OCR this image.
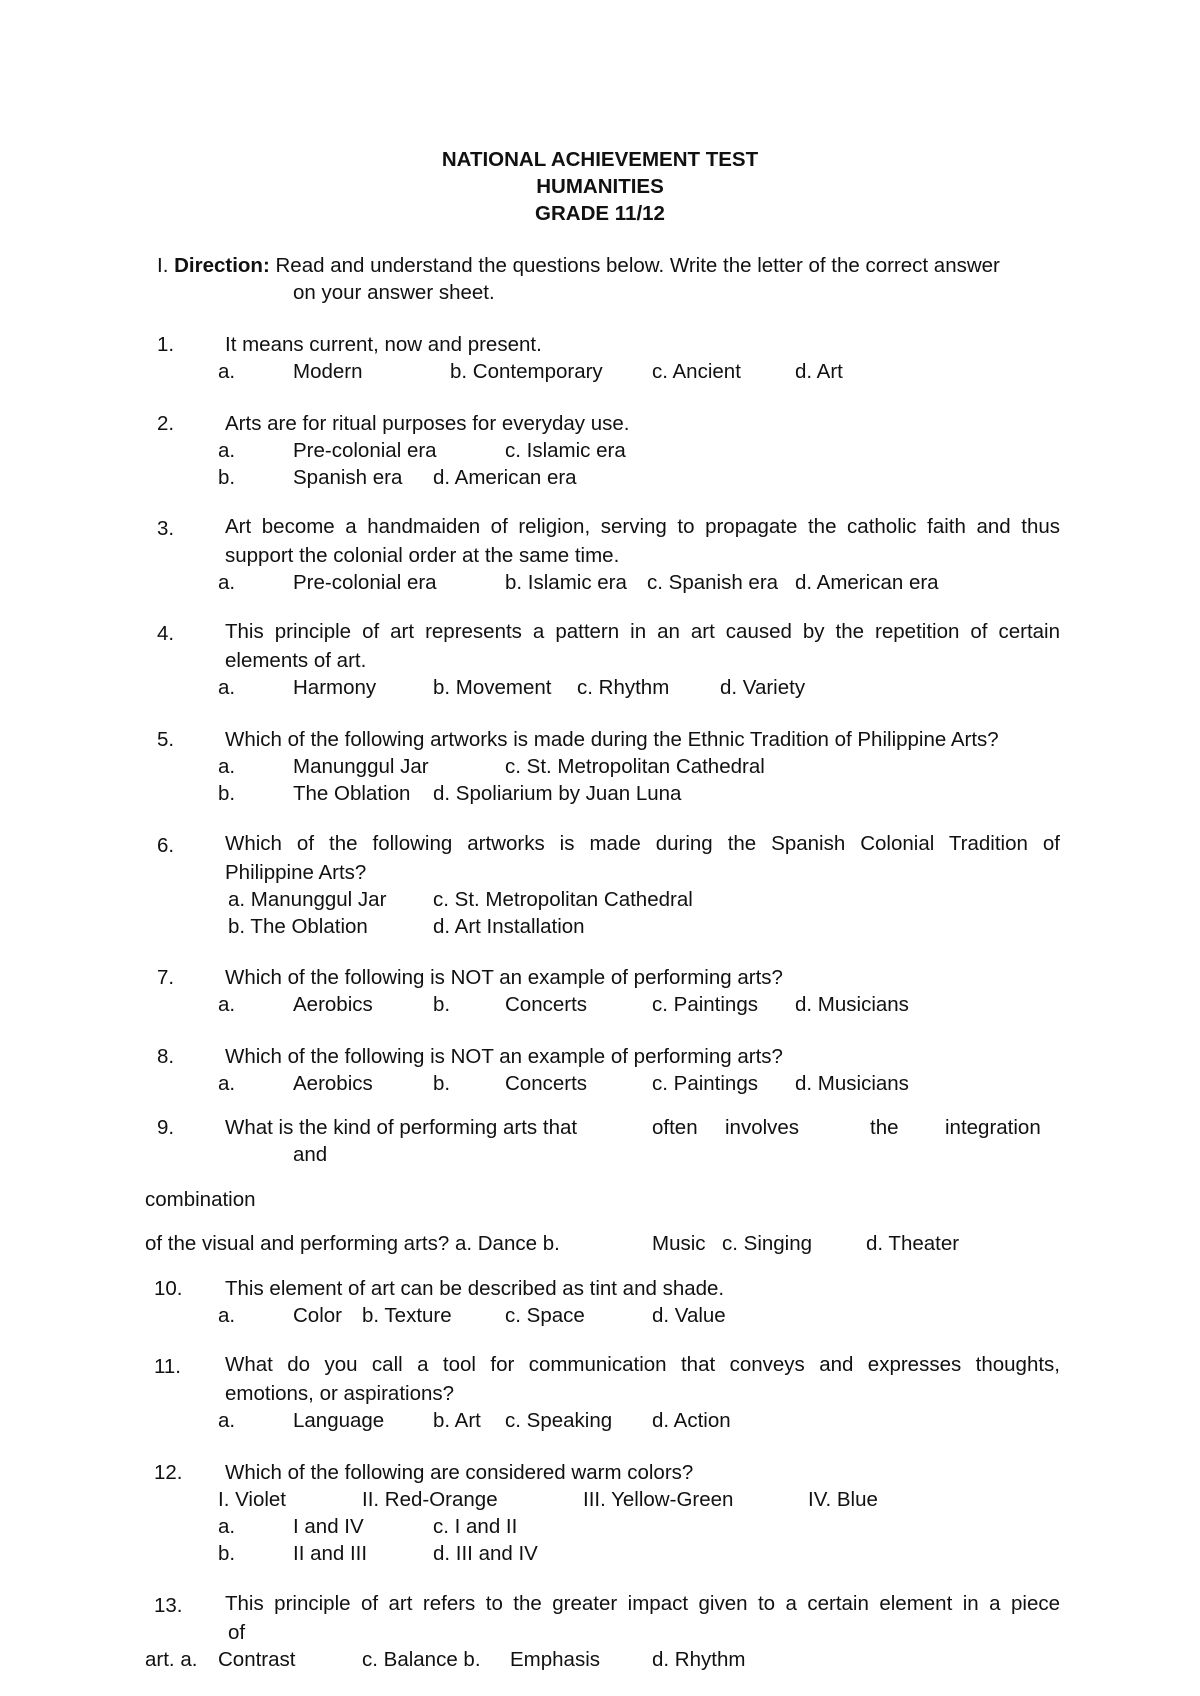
NATIONAL ACHIEVEMENT TEST
HUMANITIES
GRADE 11/12
I. Direction: Read and understand the questions below. Write the letter of the correct answer
on your answer sheet.
1. It means current, now and present.
a.	Modern	b. Contemporary c. Ancient	d. Art
2. Arts are for ritual purposes for everyday use.
a.	Pre-colonial era	c. Islamic era
b.	Spanish era d. American era
3. Art become a handmaiden of religion, serving to propagate the catholic faith and thus
support the colonial order at the same time.
a.	Pre-colonial era	b. Islamic era c. Spanish era d. American era
4. This principle of art represents a pattern in an art caused by the repetition of certain
elements of art.
a.	Harmony	b. Movement c. Rhythm d. Variety
5. Which of the following artworks is made during the Ethnic Tradition of Philippine Arts?
a.	Manunggul Jar	c. St. Metropolitan Cathedral
b.	The Oblation d. Spoliarium by Juan Luna
6. Which of the following artworks is made during the Spanish Colonial Tradition of
Philippine Arts?
a. Manunggul Jar c. St. Metropolitan Cathedral
b. The Oblation	d. Art Installation
7. Which of the following is NOT an example of performing arts?
a.	Aerobics	b.	Concerts	c. Paintings d. Musicians
8. Which of the following is NOT an example of performing arts?
a.	Aerobics	b.	Concerts	c. Paintings d. Musicians
9. What is the kind of performing arts that	often involves	the integration
and
combination
of the visual and performing arts? a. Dance b.	Music c. Singing	d. Theater
10. This element of art can be described as tint and shade.
a.	Color b. Texture	c. Space	d. Value
11. What do you call a tool for communication that conveys and expresses thoughts,
emotions, or aspirations?
a.	Language b. Art c. Speaking d. Action
12. Which of the following are considered warm colors?
I. Violet	II. Red-Orange	III. Yellow-Green	IV. Blue
a.	I and IV	c. I and II
b.	II and III	d. III and IV
13. This principle of art refers to the greater impact given to a certain element in a piece
of
art. a. Contrast	c. Balance b. Emphasis	d. Rhythm
